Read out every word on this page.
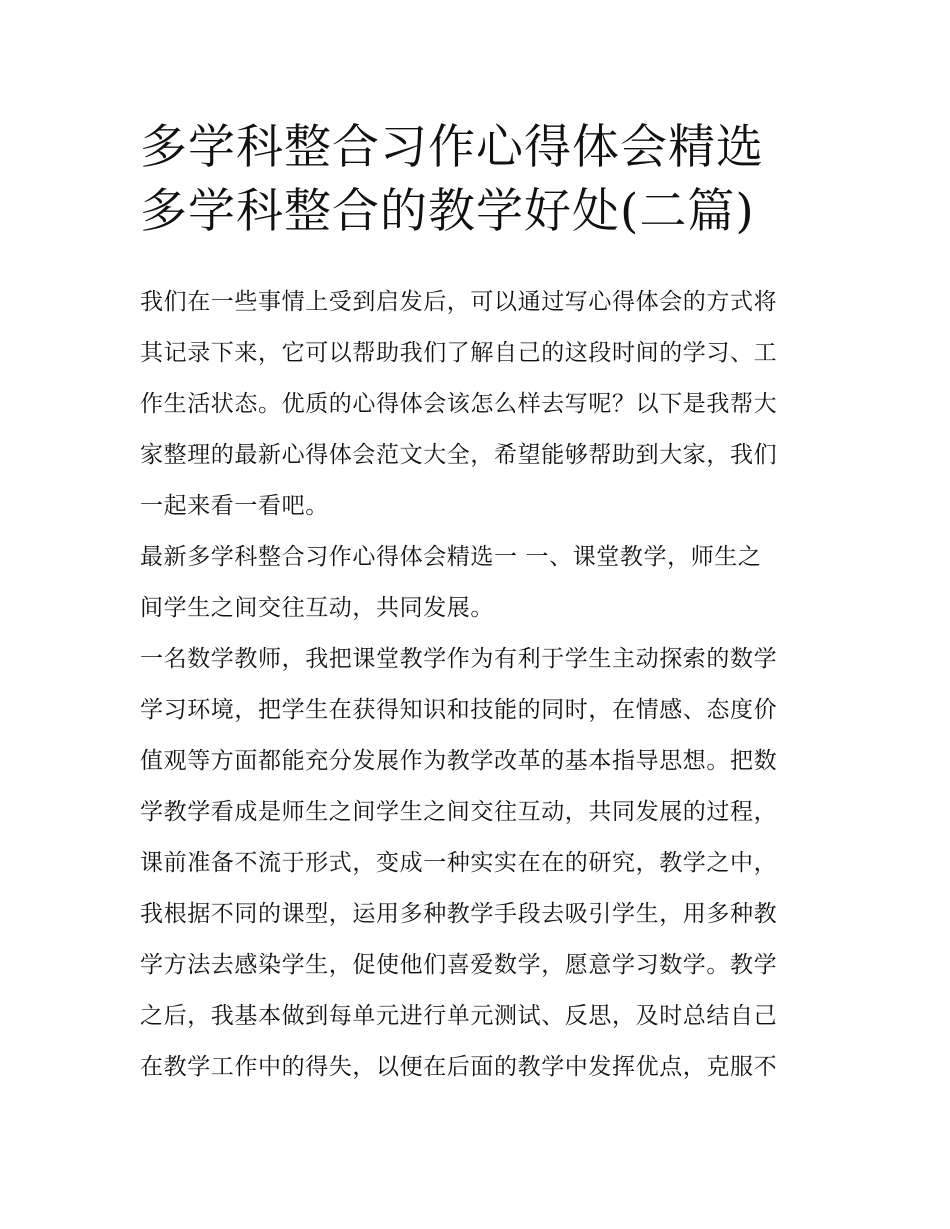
多学科整合习作心得体会精选
多学科整合的教学好处(二篇)
我们在一些事情上受到启发后，可以通过写心得体会的方式将
其记录下来，它可以帮助我们了解自己的这段时间的学习、工
作生活状态。优质的心得体会该怎么样去写呢？以下是我帮大
家整理的最新心得体会范文大全，希望能够帮助到大家，我们
一起来看一看吧。
最新多学科整合习作心得体会精选一 一、课堂教学，师生之
间学生之间交往互动，共同发展。
一名数学教师，我把课堂教学作为有利于学生主动探索的数学
学习环境，把学生在获得知识和技能的同时，在情感、态度价
值观等方面都能充分发展作为教学改革的基本指导思想。把数
学教学看成是师生之间学生之间交往互动，共同发展的过程，
课前准备不流于形式，变成一种实实在在的研究，教学之中，
我根据不同的课型，运用多种教学手段去吸引学生，用多种教
学方法去感染学生，促使他们喜爱数学，愿意学习数学。教学
之后，我基本做到每单元进行单元测试、反思，及时总结自己
在教学工作中的得失，以便在后面的教学中发挥优点，克服不
